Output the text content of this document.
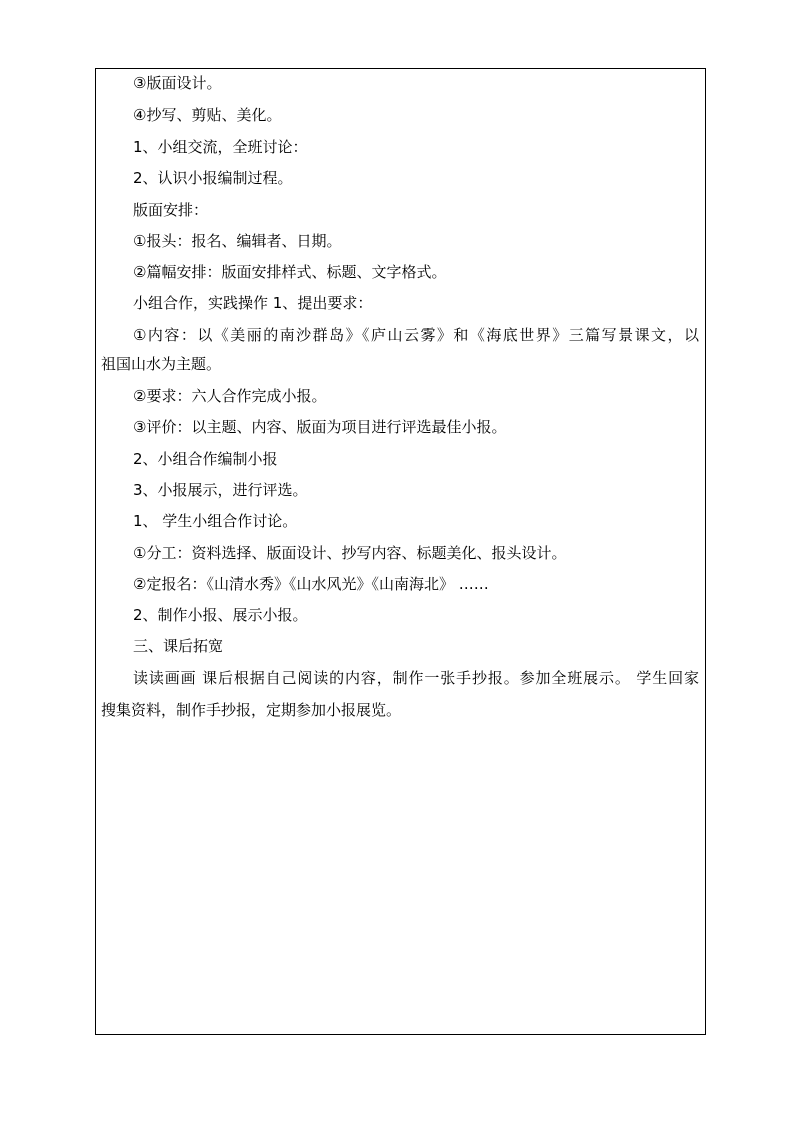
③版面设计。
④抄写、剪贴、美化。
1、小组交流，全班讨论：
2、认识小报编制过程。
版面安排：
①报头：报名、编辑者、日期。
②篇幅安排：版面安排样式、标题、文字格式。
小组合作，实践操作 1、提出要求：
①内容：以《美丽的南沙群岛》《庐山云雾》和《海底世界》三篇写景课文，以
祖国山水为主题。
②要求：六人合作完成小报。
③评价：以主题、内容、版面为项目进行评选最佳小报。
2、小组合作编制小报
3、小报展示，进行评选。
1、 学生小组合作讨论。
①分工：资料选择、版面设计、抄写内容、标题美化、报头设计。
②定报名：《山清水秀》《山水风光》《山南海北》 ……
2、制作小报、展示小报。
三、课后拓宽
读读画画 课后根据自己阅读的内容，制作一张手抄报。参加全班展示。 学生回家
搜集资料，制作手抄报，定期参加小报展览。
